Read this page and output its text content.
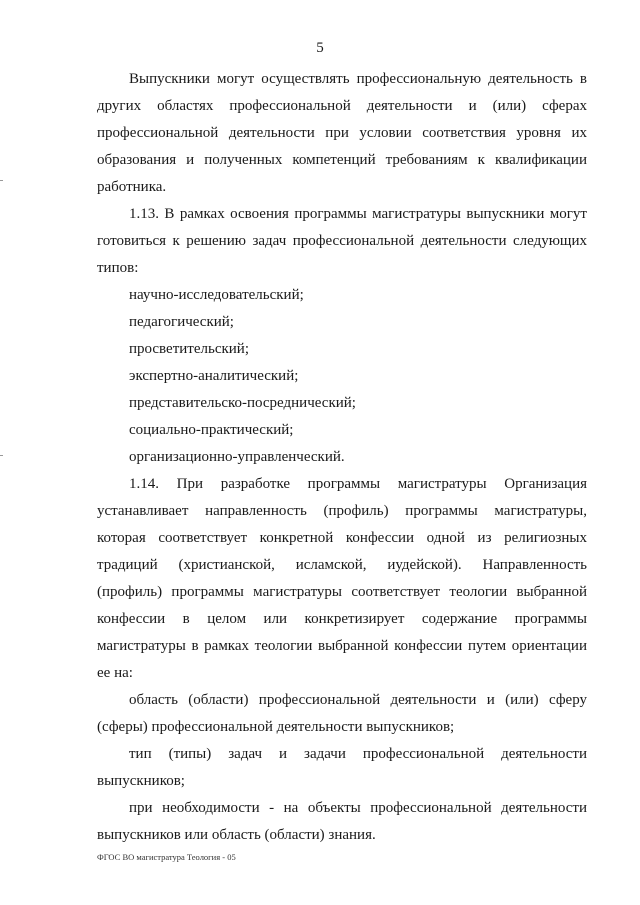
5

Выпускники могут осуществлять профессиональную деятельность в других областях профессиональной деятельности и (или) сферах профессиональной деятельности при условии соответствия уровня их образования и полученных компетенций требованиям к квалификации работника.

1.13. В рамках освоения программы магистратуры выпускники могут готовиться к решению задач профессиональной деятельности следующих типов:

научно-исследовательский;

педагогический;

просветительский;

экспертно-аналитический;

представительско-посреднический;

социально-практический;

организационно-управленческий.

1.14. При разработке программы магистратуры Организация устанавливает направленность (профиль) программы магистратуры, которая соответствует конкретной конфессии одной из религиозных традиций (христианской, исламской, иудейской). Направленность (профиль) программы магистратуры соответствует теологии выбранной конфессии в целом или конкретизирует содержание программы магистратуры в рамках теологии выбранной конфессии путем ориентации ее на:

область (области) профессиональной деятельности и (или) сферу (сферы) профессиональной деятельности выпускников;

тип (типы) задач и задачи профессиональной деятельности выпускников;

при необходимости - на объекты профессиональной деятельности выпускников или область (области) знания.

ФГОС ВО магистратура Теология - 05
